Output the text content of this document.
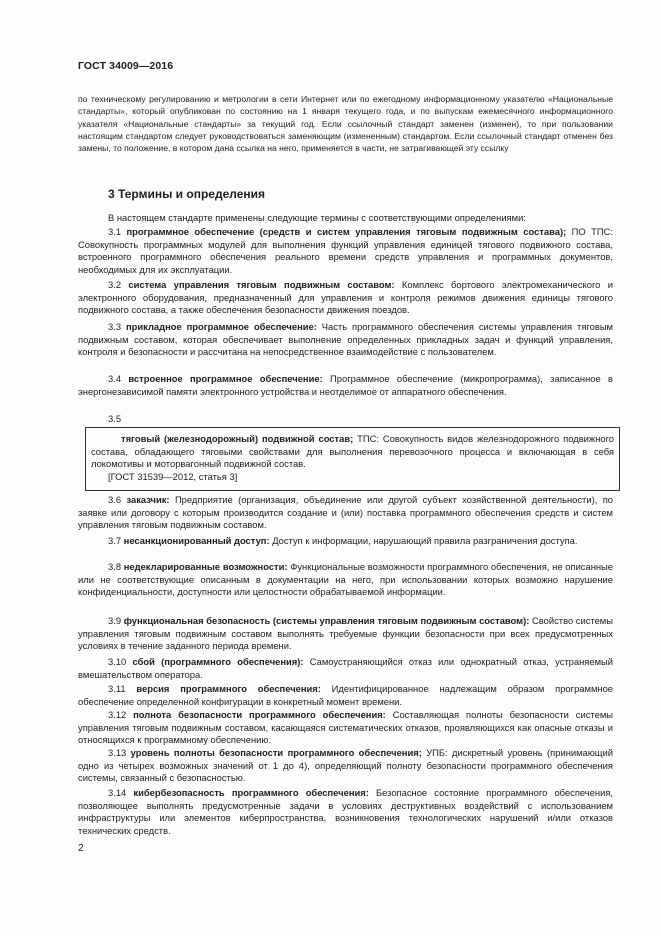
ГОСТ 34009—2016
по техническому регулированию и метрологии в сети Интернет или по ежегодному информационному указателю «Национальные стандарты», который опубликован по состоянию на 1 января текущего года, и по выпускам ежемесячного информационного указателя «Национальные стандарты» за текущий год. Если ссылочный стандарт заменен (изменен), то при пользовании настоящим стандартом следует руководствоваться заменяющим (измененным) стандартом. Если ссылочный стандарт отменен без замены, то положение, в котором дана ссылка на него, применяется в части, не затрагивающей эту ссылку
3 Термины и определения
В настоящем стандарте применены следующие термины с соответствующими определениями:
3.1 программное обеспечение (средств и систем управления тяговым подвижным состава); ПО ТПС: Совокупность программных модулей для выполнения функций управления единицей тягового подвижного состава, встроенного программного обеспечения реального времени средств управления и программных документов, необходимых для их эксплуатации.
3.2 система управления тяговым подвижным составом: Комплекс бортового электромеханического и электронного оборудования, предназначенный для управления и контроля режимов движения единицы тягового подвижного состава, а также обеспечения безопасности движения поездов.
3.3 прикладное программное обеспечение: Часть программного обеспечения системы управления тяговым подвижным составом, которая обеспечивает выполнение определенных прикладных задач и функций управления, контроля и безопасности и рассчитана на непосредственное взаимодействие с пользователем.
3.4 встроенное программное обеспечение: Программное обеспечение (микропрограмма), записанное в энергонезависимой памяти электронного устройства и неотделимое от аппаратного обеспечения.
3.5
тяговый (железнодорожный) подвижной состав; ТПС: Совокупность видов железнодорожного подвижного состава, обладающего тяговыми свойствами для выполнения перевозочного процесса и включающая в себя локомотивы и моторвагонный подвижной состав.
[ГОСТ 31539—2012, статья 3]
3.6 заказчик: Предприятие (организация, объединение или другой субъект хозяйственной деятельности), по заявке или договору с которым производится создание и (или) поставка программного обеспечения средств и систем управления тяговым подвижным составом.
3.7 несанкционированный доступ: Доступ к информации, нарушающий правила разграничения доступа.
3.8 недекларированные возможности: Функциональные возможности программного обеспечения, не описанные или не соответствующие описанным в документации на него, при использовании которых возможно нарушение конфиденциальности, доступности или целостности обрабатываемой информации.
3.9 функциональная безопасность (системы управления тяговым подвижным составом): Свойство системы управления тяговым подвижным составом выполнять требуемые функции безопасности при всех предусмотренных условиях в течение заданного периода времени.
3.10 сбой (программного обеспечения): Самоустраняющийся отказ или однократный отказ, устраняемый вмешательством оператора.
3.11 версия программного обеспечения: Идентифицированное надлежащим образом программное обеспечение определенной конфигурации в конкретный момент времени.
3.12 полнота безопасности программного обеспечения: Составляющая полноты безопасности системы управления тяговым подвижным составом, касающаяся систематических отказов, проявляющихся как опасные отказы и относящихся к программному обеспечению.
3.13 уровень полноты безопасности программного обеспечения; УПБ: дискретный уровень (принимающий одно из четырех возможных значений от 1 до 4), определяющий полноту безопасности программного обеспечения системы, связанный с безопасностью.
3.14 кибербезопасность программного обеспечения: Безопасное состояние программного обеспечения, позволяющее выполнять предусмотренные задачи в условиях деструктивных воздействий с использованием инфраструктуры или элементов киберпространства, возникновения технологических нарушений и/или отказов технических средств.
2
